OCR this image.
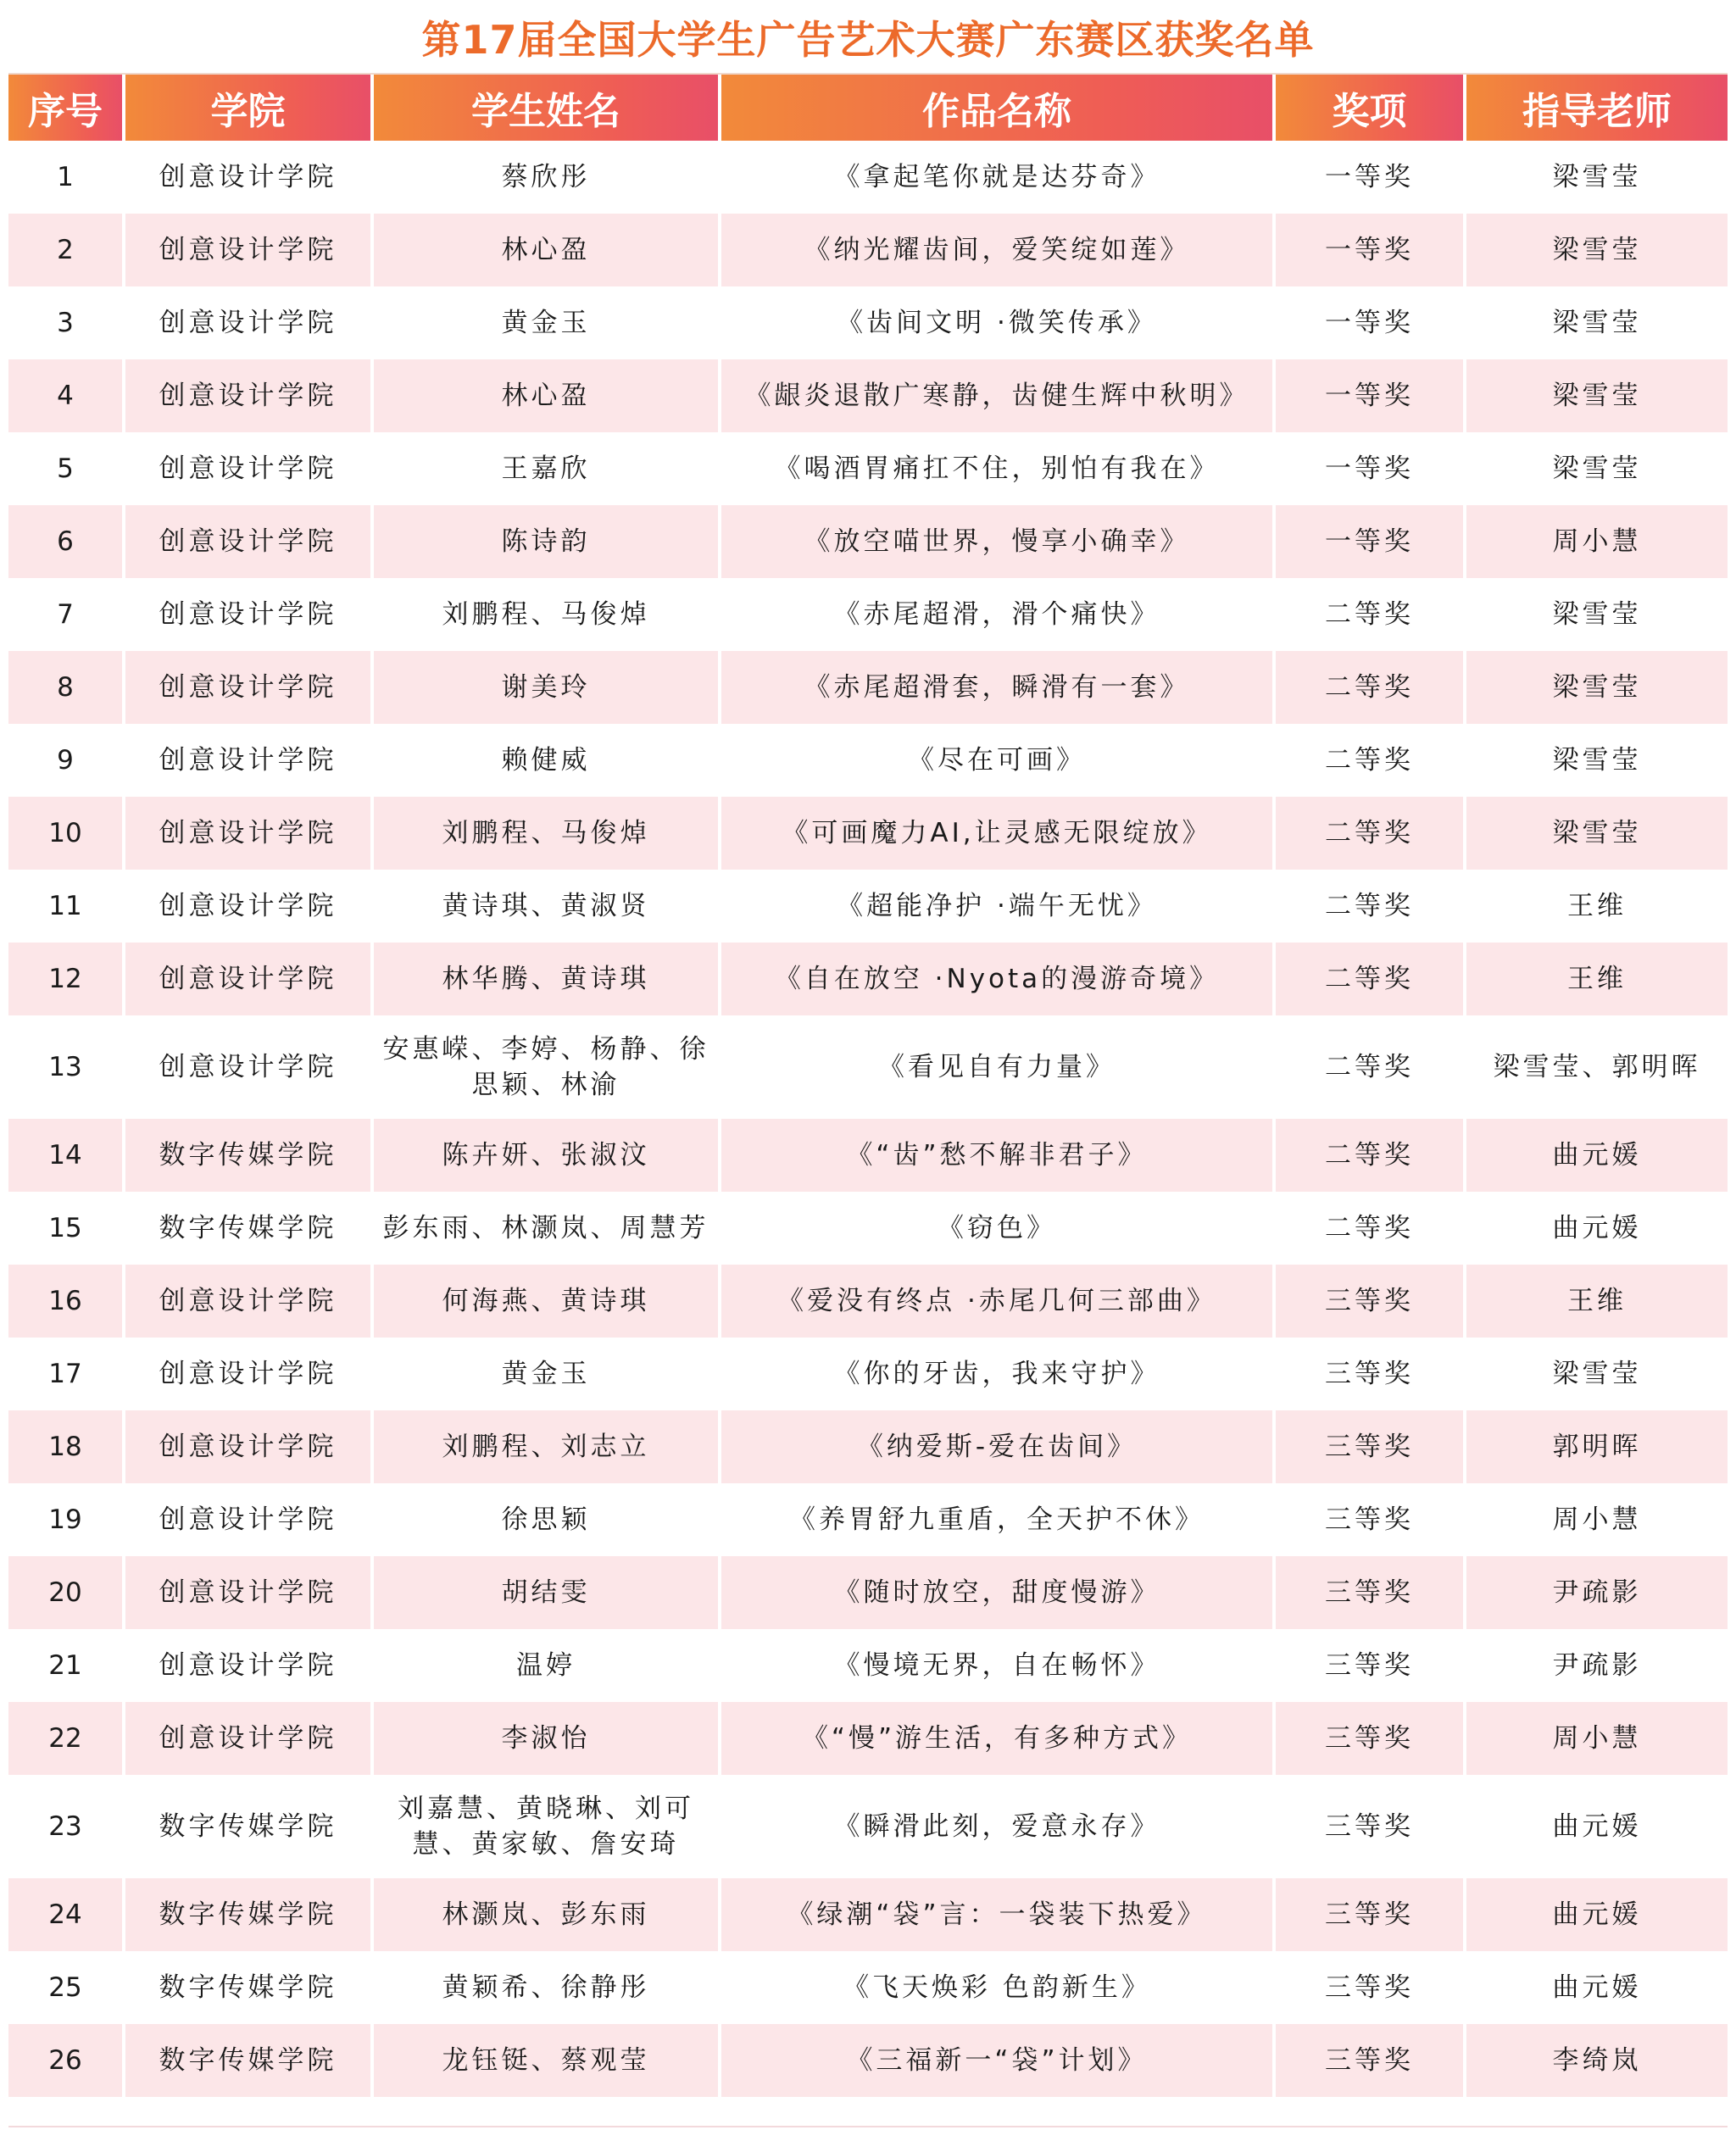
第17届全国大学生广告艺术大赛广东赛区获奖名单
序号	学院	学生姓名	作品名称	奖项	指导老师
1	创意设计学院	蔡欣彤	《拿起笔你就是达芬奇》	一等奖	梁雪莹
2	创意设计学院	林心盈	《纳光耀齿间，爱笑绽如莲》	一等奖	梁雪莹
3	创意设计学院	黄金玉	《齿间文明 ·微笑传承》	一等奖	梁雪莹
4	创意设计学院	林心盈	《龈炎退散广寒静，齿健生辉中秋明》	一等奖	梁雪莹
5	创意设计学院	王嘉欣	《喝酒胃痛扛不住，别怕有我在》	一等奖	梁雪莹
6	创意设计学院	陈诗韵	《放空喵世界，慢享小确幸》	一等奖	周小慧
7	创意设计学院	刘鹏程、马俊焯	《赤尾超滑，滑个痛快》	二等奖	梁雪莹
8	创意设计学院	谢美玲	《赤尾超滑套，瞬滑有一套》	二等奖	梁雪莹
9	创意设计学院	赖健威	《尽在可画》	二等奖	梁雪莹
10	创意设计学院	刘鹏程、马俊焯	《可画魔力AI,让灵感无限绽放》	二等奖	梁雪莹
11	创意设计学院	黄诗琪、黄淑贤	《超能净护 ·端午无忧》	二等奖	王维
12	创意设计学院	林华腾、黄诗琪	《自在放空 ·Nyota的漫游奇境》	二等奖	王维
13	创意设计学院	安惠嵘、李婷、杨静、徐思颖、林渝	《看见自有力量》	二等奖	梁雪莹、郭明晖
14	数字传媒学院	陈卉妍、张淑汶	《“齿”愁不解非君子》	二等奖	曲元媛
15	数字传媒学院	彭东雨、林灏岚、周慧芳	《窃色》	二等奖	曲元媛
16	创意设计学院	何海燕、黄诗琪	《爱没有终点 ·赤尾几何三部曲》	三等奖	王维
17	创意设计学院	黄金玉	《你的牙齿，我来守护》	三等奖	梁雪莹
18	创意设计学院	刘鹏程、刘志立	《纳爱斯-爱在齿间》	三等奖	郭明晖
19	创意设计学院	徐思颖	《养胃舒九重盾，全天护不休》	三等奖	周小慧
20	创意设计学院	胡结雯	《随时放空，甜度慢游》	三等奖	尹疏影
21	创意设计学院	温婷	《慢境无界，自在畅怀》	三等奖	尹疏影
22	创意设计学院	李淑怡	《“慢”游生活，有多种方式》	三等奖	周小慧
23	数字传媒学院	刘嘉慧、黄晓琳、刘可慧、黄家敏、詹安琦	《瞬滑此刻，爱意永存》	三等奖	曲元媛
24	数字传媒学院	林灏岚、彭东雨	《绿潮“袋”言：一袋装下热爱》	三等奖	曲元媛
25	数字传媒学院	黄颖希、徐静彤	《飞天焕彩 色韵新生》	三等奖	曲元媛
26	数字传媒学院	龙钰铤、蔡观莹	《三福新一“袋”计划》	三等奖	李绮岚
